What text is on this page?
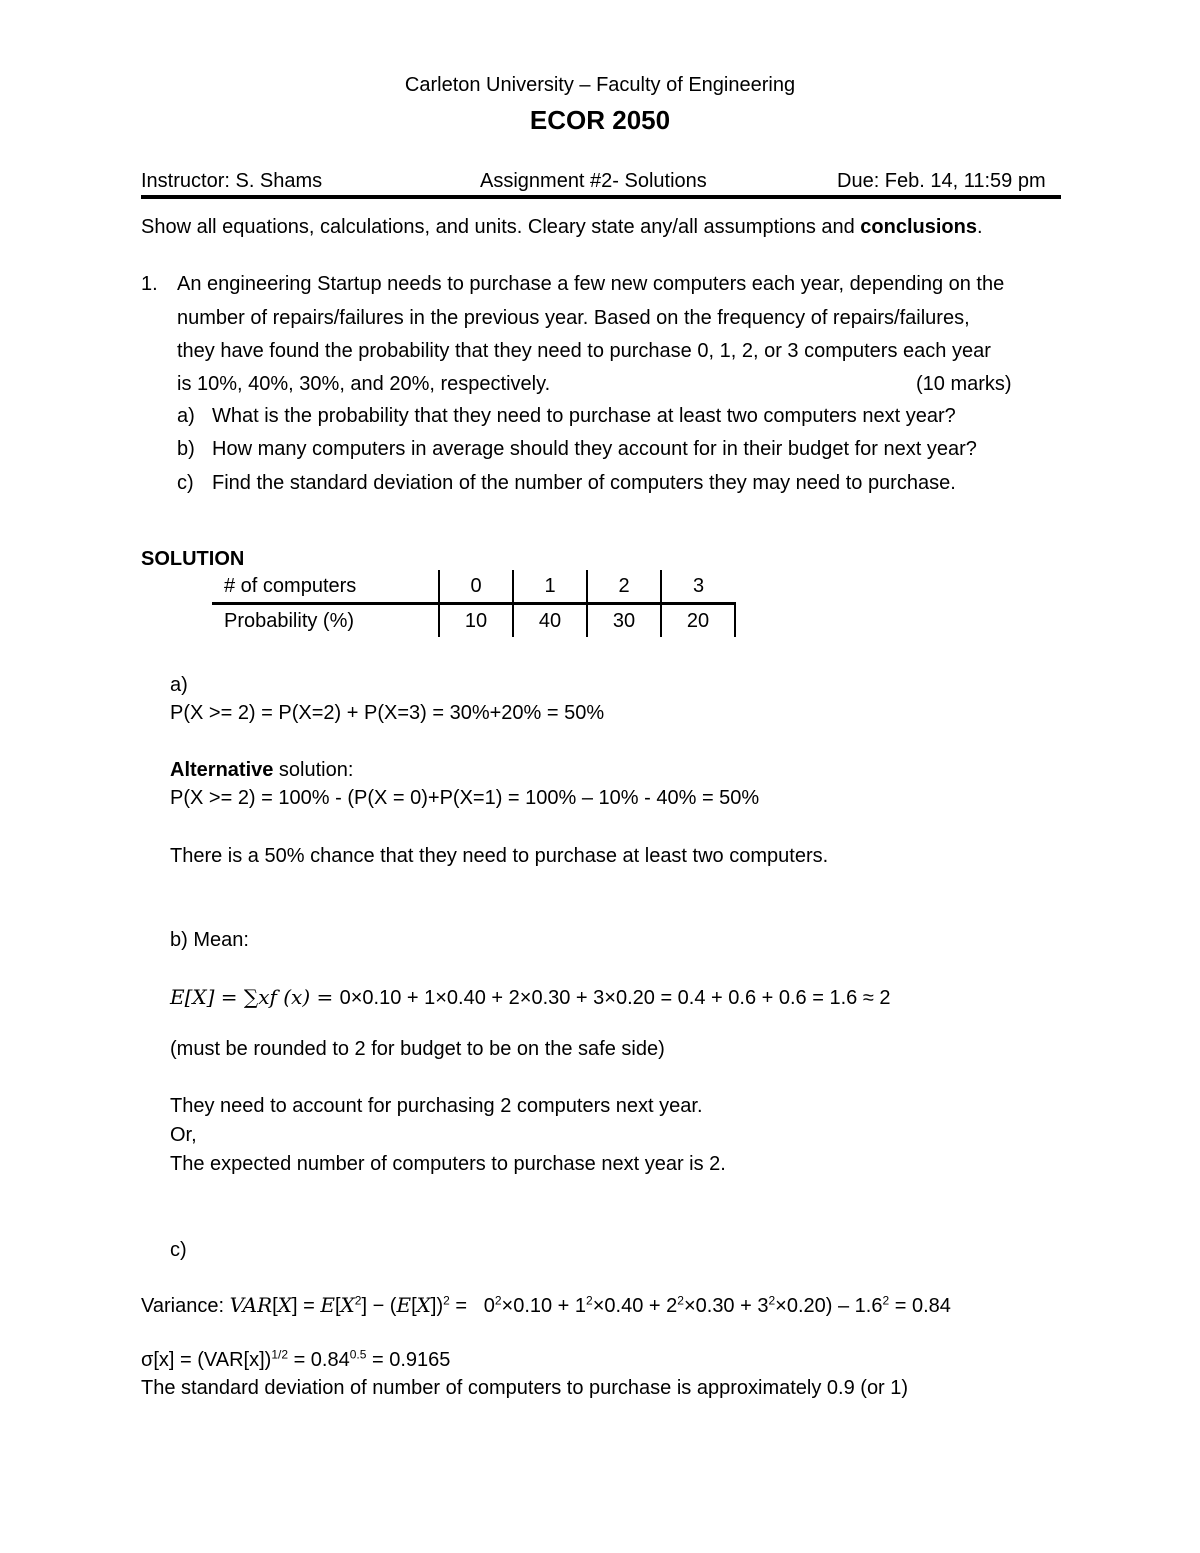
Carleton University – Faculty of Engineering
ECOR 2050
Instructor: S. Shams	Assignment #2- Solutions	Due: Feb. 14, 11:59 pm
Show all equations, calculations, and units. Cleary state any/all assumptions and conclusions.
1. An engineering Startup needs to purchase a few new computers each year, depending on the
number of repairs/failures in the previous year. Based on the frequency of repairs/failures,
they have found the probability that they need to purchase 0, 1, 2, or 3 computers each year
is 10%, 40%, 30%, and 20%, respectively.	(10 marks)
a) What is the probability that they need to purchase at least two computers next year?
b) How many computers in average should they account for in their budget for next year?
c) Find the standard deviation of the number of computers they may need to purchase.
SOLUTION
# of computers	0	1	2	3
Probability (%)	10	40	30	20
a)
P(X >= 2) = P(X=2) + P(X=3) = 30%+20% = 50%
Alternative solution:
P(X >= 2) = 100% - (P(X = 0)+P(X=1) = 100% – 10% - 40% = 50%
There is a 50% chance that they need to purchase at least two computers.
b) Mean:
E[X] = ∑xf (x) = 0×0.10 + 1×0.40 + 2×0.30 + 3×0.20 = 0.4 + 0.6 + 0.6 = 1.6 ≈ 2
(must be rounded to 2 for budget to be on the safe side)
They need to account for purchasing 2 computers next year.
Or,
The expected number of computers to purchase next year is 2.
c)
Variance: $VAR[X] = E[X^2] - (E[X])^2 = 0^2\times 0.10 + 1^2\times 0.40 + 2^2\times 0.30 + 3^2\times 0.20) - 1.6^2 = 0.84$
$\sigma[x] = (VAR[x])^{1/2} = 0.84^{0.5} = 0.9165$
The standard deviation of number of computers to purchase is approximately 0.9 (or 1)
